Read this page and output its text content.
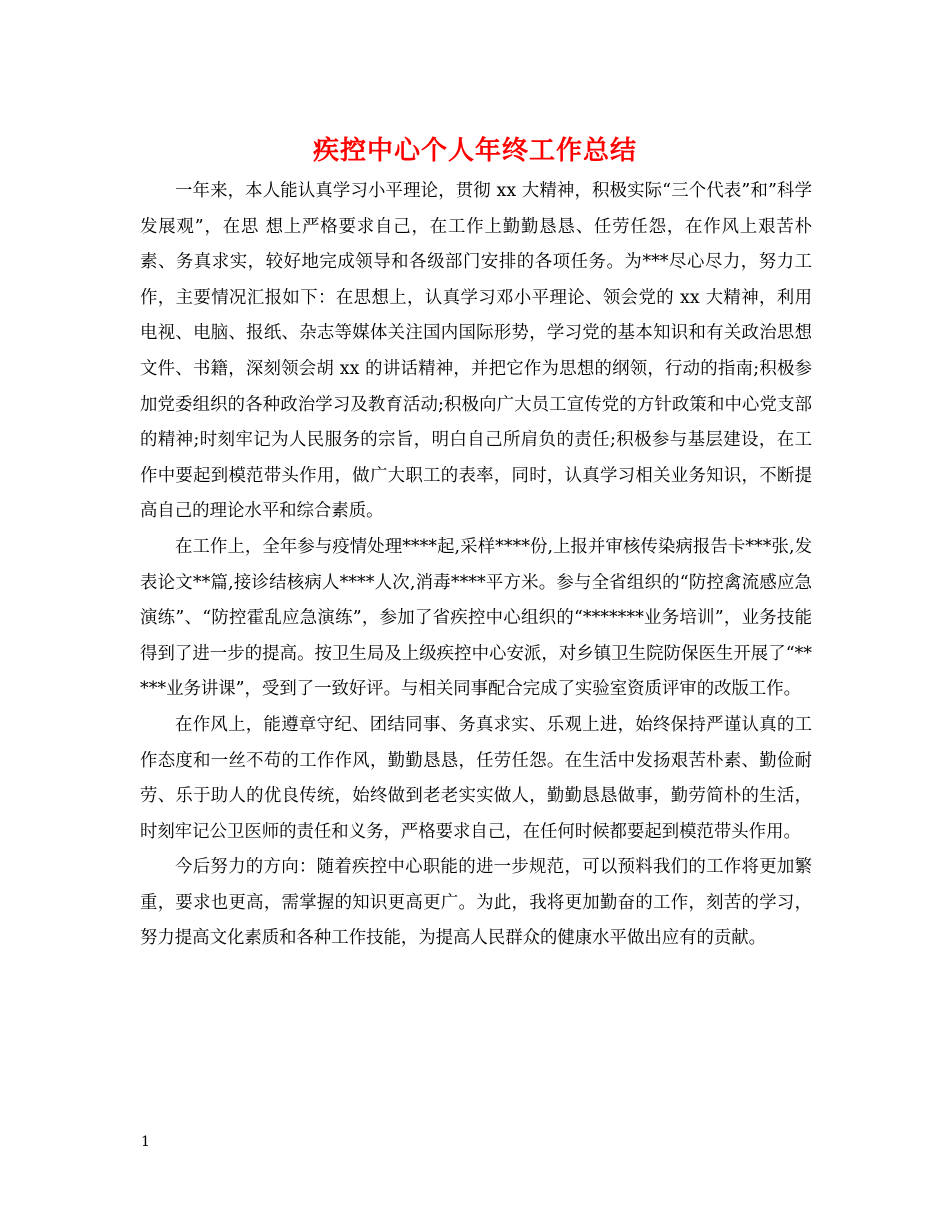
疾控中心个人年终工作总结

一年来，本人能认真学习小平理论，贯彻 xx 大精神，积极实际“三个代表”和”科学发展观”，在思 想上严格要求自己，在工作上勤勤恳恳、任劳任怨，在作风上艰苦朴素、务真求实，较好地完成领导和各级部门安排的各项任务。为***尽心尽力，努力工作，主要情况汇报如下：在思想上，认真学习邓小平理论、领会党的 xx 大精神，利用电视、电脑、报纸、杂志等媒体关注国内国际形势，学习党的基本知识和有关政治思想文件、书籍，深刻领会胡 xx 的讲话精神，并把它作为思想的纲领，行动的指南;积极参加党委组织的各种政治学习及教育活动;积极向广大员工宣传党的方针政策和中心党支部的精神;时刻牢记为人民服务的宗旨，明白自己所肩负的责任;积极参与基层建设，在工作中要起到模范带头作用，做广大职工的表率，同时，认真学习相关业务知识，不断提高自己的理论水平和综合素质。

在工作上，全年参与疫情处理****起,采样****份,上报并审核传染病报告卡***张,发表论文**篇,接诊结核病人****人次,消毒****平方米。参与全省组织的“防控禽流感应急演练”、“防控霍乱应急演练”，参加了省疾控中心组织的“*******业务培训”，业务技能得到了进一步的提高。按卫生局及上级疾控中心安派，对乡镇卫生院防保医生开展了“*****业务讲课”，受到了一致好评。与相关同事配合完成了实验室资质评审的改版工作。

在作风上，能遵章守纪、团结同事、务真求实、乐观上进，始终保持严谨认真的工作态度和一丝不苟的工作作风，勤勤恳恳，任劳任怨。在生活中发扬艰苦朴素、勤俭耐劳、乐于助人的优良传统，始终做到老老实实做人，勤勤恳恳做事，勤劳简朴的生活，时刻牢记公卫医师的责任和义务，严格要求自己，在任何时候都要起到模范带头作用。

今后努力的方向：随着疾控中心职能的进一步规范，可以预料我们的工作将更加繁重，要求也更高，需掌握的知识更高更广。为此，我将更加勤奋的工作，刻苦的学习，努力提高文化素质和各种工作技能，为提高人民群众的健康水平做出应有的贡献。

1
